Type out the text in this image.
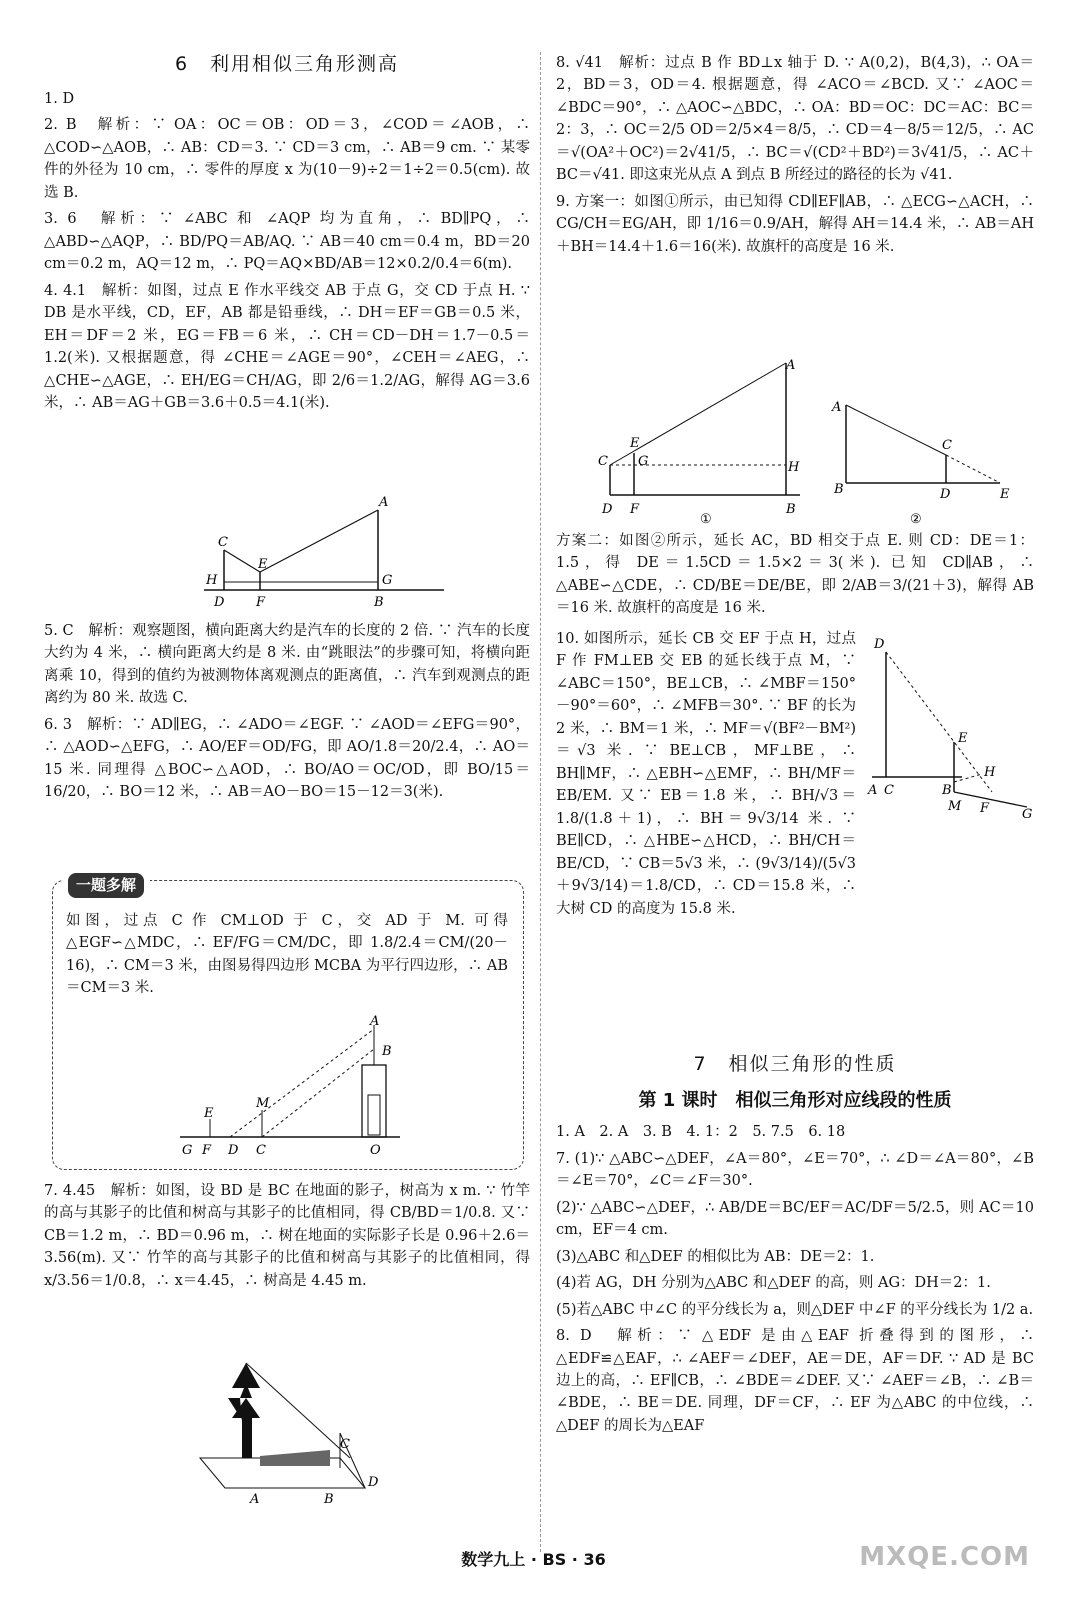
6　利用相似三角形测高

1. D

2. B　解析：∵ OA：OC＝OB：OD＝3，∠COD＝∠AOB，∴ △COD∽△AOB，∴ AB：CD＝3. ∵ CD＝3 cm，∴ AB＝9 cm. ∵ 某零件的外径为 10 cm，∴ 零件的厚度 x 为(10－9)÷2＝1÷2＝0.5(cm). 故选 B.

3. 6　解析：∵ ∠ABC 和 ∠AQP 均为直角，∴ BD∥PQ，∴ △ABD∽△AQP，∴ BD/PQ＝AB/AQ. ∵ AB＝40 cm＝0.4 m，BD＝20 cm＝0.2 m，AQ＝12 m，∴ PQ＝AQ×BD/AB＝12×0.2/0.4＝6(m).

4. 4.1　解析：如图，过点 E 作水平线交 AB 于点 G，交 CD 于点 H. ∵ DB 是水平线，CD，EF，AB 都是铅垂线，∴ DH＝EF＝GB＝0.5 米，EH＝DF＝2 米，EG＝FB＝6 米，∴ CH＝CD－DH＝1.7－0.5＝1.2(米). 又根据题意，得 ∠CHE＝∠AGE＝90°，∠CEH＝∠AEG，∴ △CHE∽△AGE，∴ EH/EG＝CH/AG，即 2/6＝1.2/AG，解得 AG＝3.6 米，∴ AB＝AG＋GB＝3.6＋0.5＝4.1(米).

A
C
E
H	G
D F	B

5. C　解析：观察题图，横向距离大约是汽车的长度的 2 倍. ∵ 汽车的长度大约为 4 米，∴ 横向距离大约是 8 米. 由“跳眼法”的步骤可知，将横向距离乘 10，得到的值约为被测物体离观测点的距离值，∴ 汽车到观测点的距离约为 80 米. 故选 C.

6. 3　解析：∵ AD∥EG，∴ ∠ADO＝∠EGF. ∵ ∠AOD＝∠EFG＝90°，∴ △AOD∽△EFG，∴ AO/EF＝OD/FG，即 AO/1.8＝20/2.4，∴ AO＝15 米. 同理得 △BOC∽△AOD，∴ BO/AO＝OC/OD，即 BO/15＝16/20，∴ BO＝12 米，∴ AB＝AO－BO＝15－12＝3(米).

一题多解

如图，过点 C 作 CM⊥OD 于 C，交 AD 于 M. 可得 △EGF∽△MDC，∴ EF/FG＝CM/DC，即 1.8/2.4＝CM/(20－16)，∴ CM＝3 米，由图易得四边形 MCBA 为平行四边形，∴ AB＝CM＝3 米.

A
B
E
M
G F D C	O

7. 4.45　解析：如图，设 BD 是 BC 在地面的影子，树高为 x m. ∵ 竹竿的高与其影子的比值和树高与其影子的比值相同，得 CB/BD＝1/0.8. 又∵ CB＝1.2 m，∴ BD＝0.96 m，∴ 树在地面的实际影子长是 0.96＋2.6＝3.56(m). 又∵ 竹竿的高与其影子的比值和树高与其影子的比值相同，得 x/3.56＝1/0.8，∴ x＝4.45，∴ 树高是 4.45 m.

A	B
C
D

8. √41　解析：过点 B 作 BD⊥x 轴于 D. ∵ A(0,2)，B(4,3)，∴ OA＝2，BD＝3，OD＝4. 根据题意，得 ∠ACO＝∠BCD. 又∵ ∠AOC＝∠BDC＝90°，∴ △AOC∽△BDC，∴ OA：BD＝OC：DC＝AC：BC＝2：3，∴ OC＝2/5 OD＝2/5×4＝8/5，∴ CD＝4－8/5＝12/5，∴ AC＝√(OA²＋OC²)＝2√41/5，∴ BC＝√(CD²＋BD²)＝3√41/5，∴ AC＋BC＝√41. 即这束光从点 A 到点 B 所经过的路径的长为 √41.

9. 方案一：如图①所示，由已知得 CD∥EF∥AB，∴ △ECG∽△ACH，∴ CG/CH＝EG/AH，即 1/16＝0.9/AH，解得 AH＝14.4 米，∴ AB＝AH＋BH＝14.4＋1.6＝16(米). 故旗杆的高度是 16 米.

A
C
E
G	H
D F	B
①
A
C
B	D	E
②

方案二：如图②所示，延长 AC，BD 相交于点 E. 则 CD：DE＝1：1.5，得 DE＝1.5CD＝1.5×2＝3(米). 已知 CD∥AB，∴ △ABE∽△CDE，∴ CD/BE＝DE/BE，即 2/AB＝3/(21＋3)，解得 AB＝16 米. 故旗杆的高度是 16 米.

10. 如图所示，延长 CB 交 EF 于点 H，过点 F 作 FM⊥EB 交 EB 的延长线于点 M，∵ ∠ABC＝150°，BE⊥CB，∴ ∠MBF＝150°－90°＝60°，∴ ∠MFB＝30°. ∵ BF 的长为 2 米，∴ BM＝1 米，∴ MF＝√(BF²－BM²)＝√3 米. ∵ BE⊥CB，MF⊥BE，∴ BH∥MF，∴ △EBH∽△EMF，∴ BH/MF＝EB/EM. 又∵ EB＝1.8 米，∴ BH/√3＝1.8/(1.8＋1)，∴ BH＝9√3/14 米. ∵ BE∥CD，∴ △HBE∽△HCD，∴ BH/CH＝BE/CD，∵ CB＝5√3 米，∴ (9√3/14)/(5√3＋9√3/14)＝1.8/CD，∴ CD＝15.8 米，∴ 大树 CD 的高度为 15.8 米.

D
E
H
A C	B
M F	G

7　相似三角形的性质

第 1 课时　相似三角形对应线段的性质

1. A　2. A　3. B　4. 1：2　5. 7.5　6. 18

7. (1)∵ △ABC∽△DEF，∠A＝80°，∠E＝70°，∴ ∠D＝∠A＝80°，∠B＝∠E＝70°，∠C＝∠F＝30°.

(2)∵ △ABC∽△DEF，∴ AB/DE＝BC/EF＝AC/DF＝5/2.5，则 AC＝10 cm，EF＝4 cm.

(3)△ABC 和△DEF 的相似比为 AB：DE＝2：1.

(4)若 AG，DH 分别为△ABC 和△DEF 的高，则 AG：DH＝2：1.

(5)若△ABC 中∠C 的平分线长为 a，则△DEF 中∠F 的平分线长为 1/2 a.

8. D　解析：∵ △EDF 是由△EAF 折叠得到的图形，∴ △EDF≌△EAF，∴ ∠AEF＝∠DEF，AE＝DE，AF＝DF. ∵ AD 是 BC 边上的高，∴ EF∥CB，∴ ∠BDE＝∠DEF. 又∵ ∠AEF＝∠B，∴ ∠B＝∠BDE，∴ BE＝DE. 同理，DF＝CF，∴ EF 为△ABC 的中位线，∴ △DEF 的周长为△EAF

数学九上 · BS · 36	MXQE.COM
